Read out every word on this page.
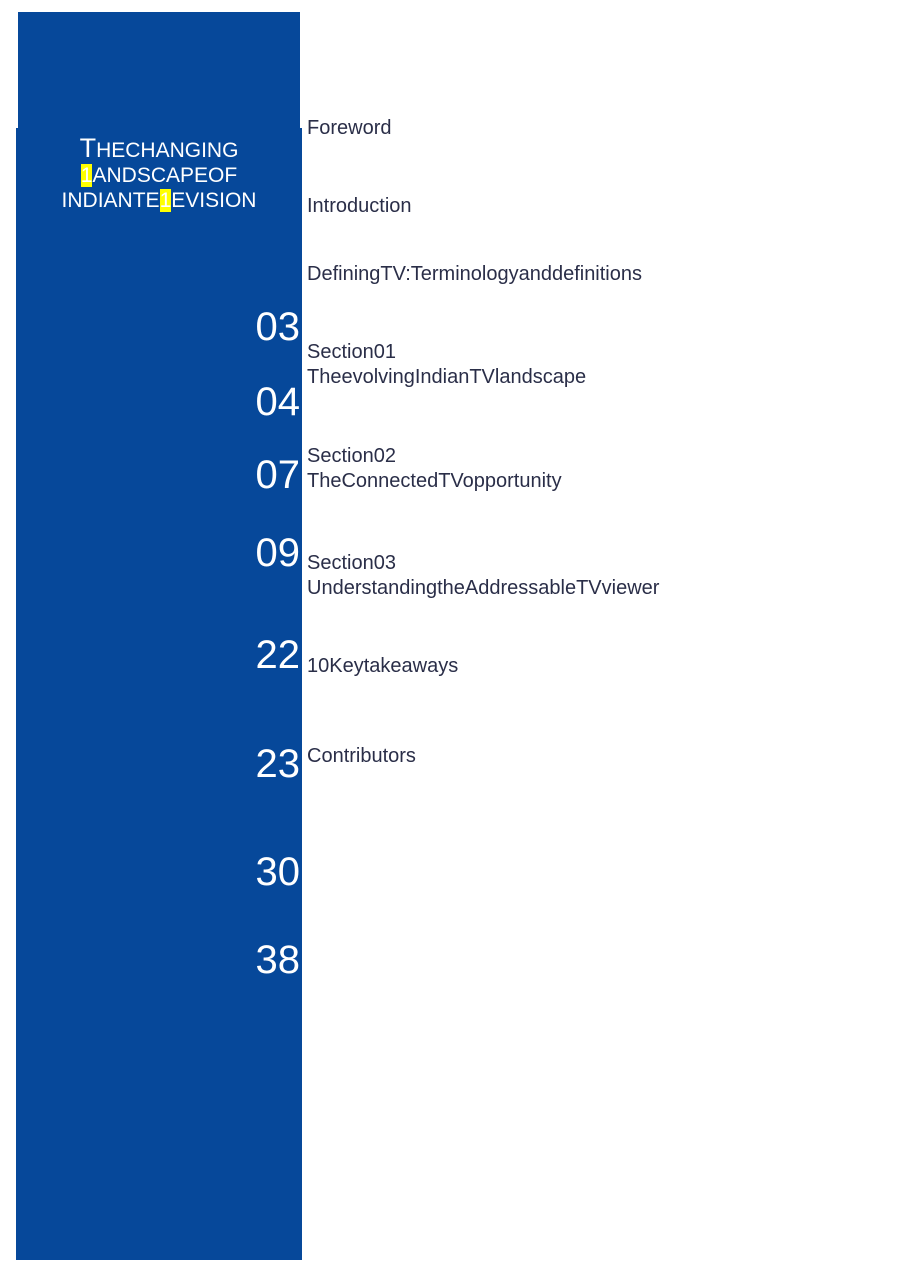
THECHANGING
1ANDSCAPEOF
INDIANTE1EVISION
03
04
07
09
22
23
30
38
Foreword
Introduction
DefiningTV:Terminologyanddefinitions
Section01
TheevolvingIndianTVlandscape
Section02
TheConnectedTVopportunity
Section03
UnderstandingtheAddressableTVviewer
10Keytakeaways
Contributors
